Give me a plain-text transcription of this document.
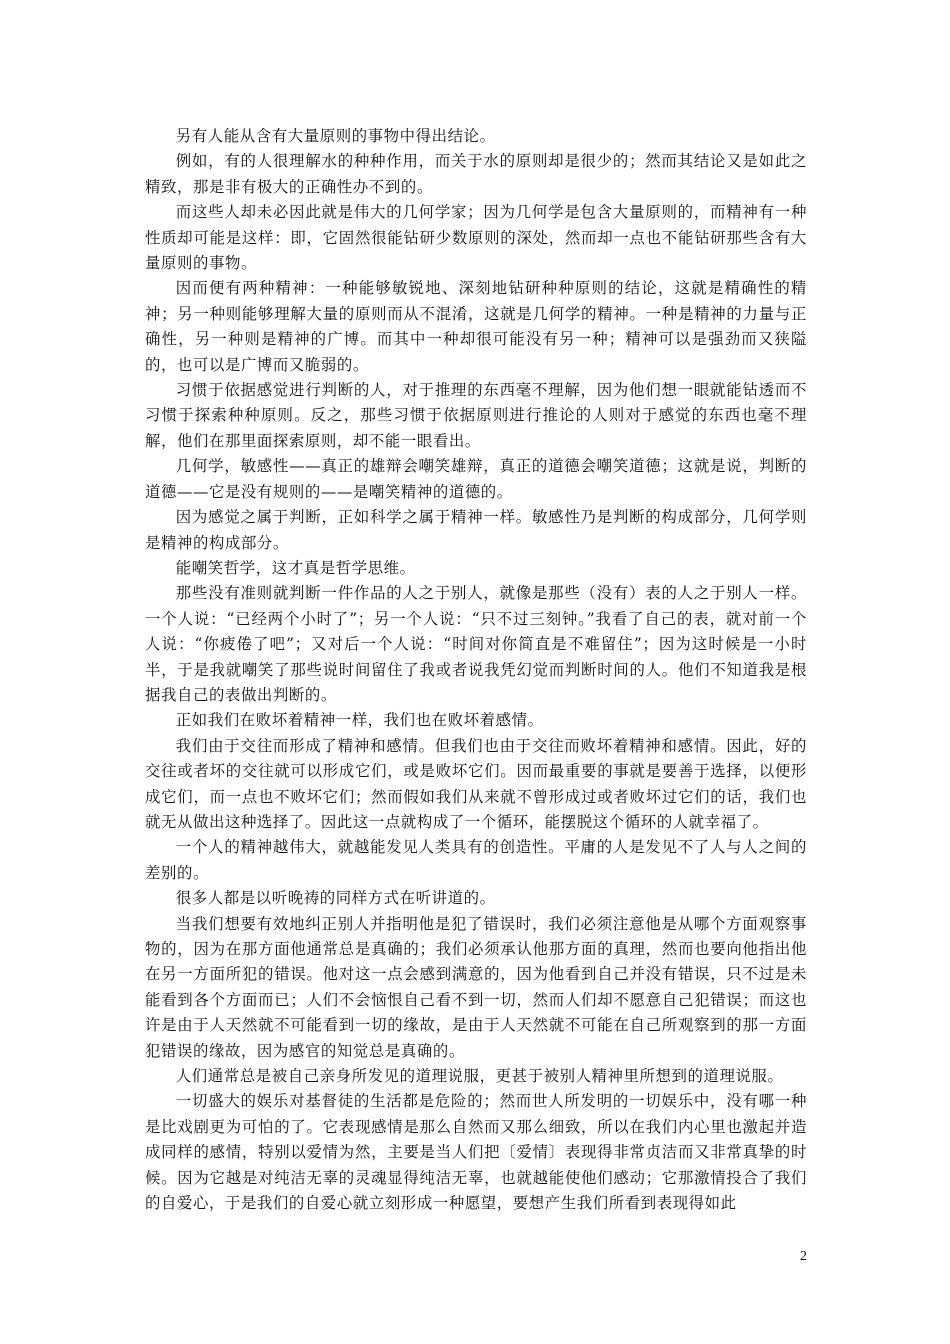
另有人能从含有大量原则的事物中得出结论。

例如，有的人很理解水的种种作用，而关于水的原则却是很少的；然而其结论又是如此之精致，那是非有极大的正确性办不到的。

而这些人却未必因此就是伟大的几何学家；因为几何学是包含大量原则的，而精神有一种性质却可能是这样：即，它固然很能钻研少数原则的深处，然而却一点也不能钻研那些含有大量原则的事物。

因而便有两种精神：一种能够敏锐地、深刻地钻研种种原则的结论，这就是精确性的精神；另一种则能够理解大量的原则而从不混淆，这就是几何学的精神。一种是精神的力量与正确性，另一种则是精神的广博。而其中一种却很可能没有另一种；精神可以是强劲而又狭隘的，也可以是广博而又脆弱的。

习惯于依据感觉进行判断的人，对于推理的东西毫不理解，因为他们想一眼就能钻透而不习惯于探索种种原则。反之，那些习惯于依据原则进行推论的人则对于感觉的东西也毫不理解，他们在那里面探索原则，却不能一眼看出。

几何学，敏感性——真正的雄辩会嘲笑雄辩，真正的道德会嘲笑道德；这就是说，判断的道德——它是没有规则的——是嘲笑精神的道德的。

因为感觉之属于判断，正如科学之属于精神一样。敏感性乃是判断的构成部分，几何学则是精神的构成部分。

能嘲笑哲学，这才真是哲学思维。

那些没有准则就判断一件作品的人之于别人，就像是那些（没有）表的人之于别人一样。一个人说：“已经两个小时了”；另一个人说：“只不过三刻钟。”我看了自己的表，就对前一个人说：“你疲倦了吧”；又对后一个人说：“时间对你简直是不难留住”；因为这时候是一小时半，于是我就嘲笑了那些说时间留住了我或者说我凭幻觉而判断时间的人。他们不知道我是根据我自己的表做出判断的。

正如我们在败坏着精神一样，我们也在败坏着感情。

我们由于交往而形成了精神和感情。但我们也由于交往而败坏着精神和感情。因此，好的交往或者坏的交往就可以形成它们，或是败坏它们。因而最重要的事就是要善于选择，以便形成它们，而一点也不败坏它们；然而假如我们从来就不曾形成过或者败坏过它们的话，我们也就无从做出这种选择了。因此这一点就构成了一个循环，能摆脱这个循环的人就幸福了。

一个人的精神越伟大，就越能发见人类具有的创造性。平庸的人是发见不了人与人之间的差别的。

很多人都是以听晚祷的同样方式在听讲道的。

当我们想要有效地纠正别人并指明他是犯了错误时，我们必须注意他是从哪个方面观察事物的，因为在那方面他通常总是真确的；我们必须承认他那方面的真理，然而也要向他指出他在另一方面所犯的错误。他对这一点会感到满意的，因为他看到自己并没有错误，只不过是未能看到各个方面而已；人们不会恼恨自己看不到一切，然而人们却不愿意自己犯错误；而这也许是由于人天然就不可能看到一切的缘故，是由于人天然就不可能在自己所观察到的那一方面犯错误的缘故，因为感官的知觉总是真确的。

人们通常总是被自己亲身所发见的道理说服，更甚于被别人精神里所想到的道理说服。

一切盛大的娱乐对基督徒的生活都是危险的；然而世人所发明的一切娱乐中，没有哪一种是比戏剧更为可怕的了。它表现感情是那么自然而又那么细致，所以在我们内心里也激起并造成同样的感情，特别以爱情为然，主要是当人们把〔爱情〕表现得非常贞洁而又非常真挚的时候。因为它越是对纯洁无辜的灵魂显得纯洁无辜，也就越能使他们感动；它那激情投合了我们的自爱心，于是我们的自爱心就立刻形成一种愿望，要想产生我们所看到表现得如此

2
